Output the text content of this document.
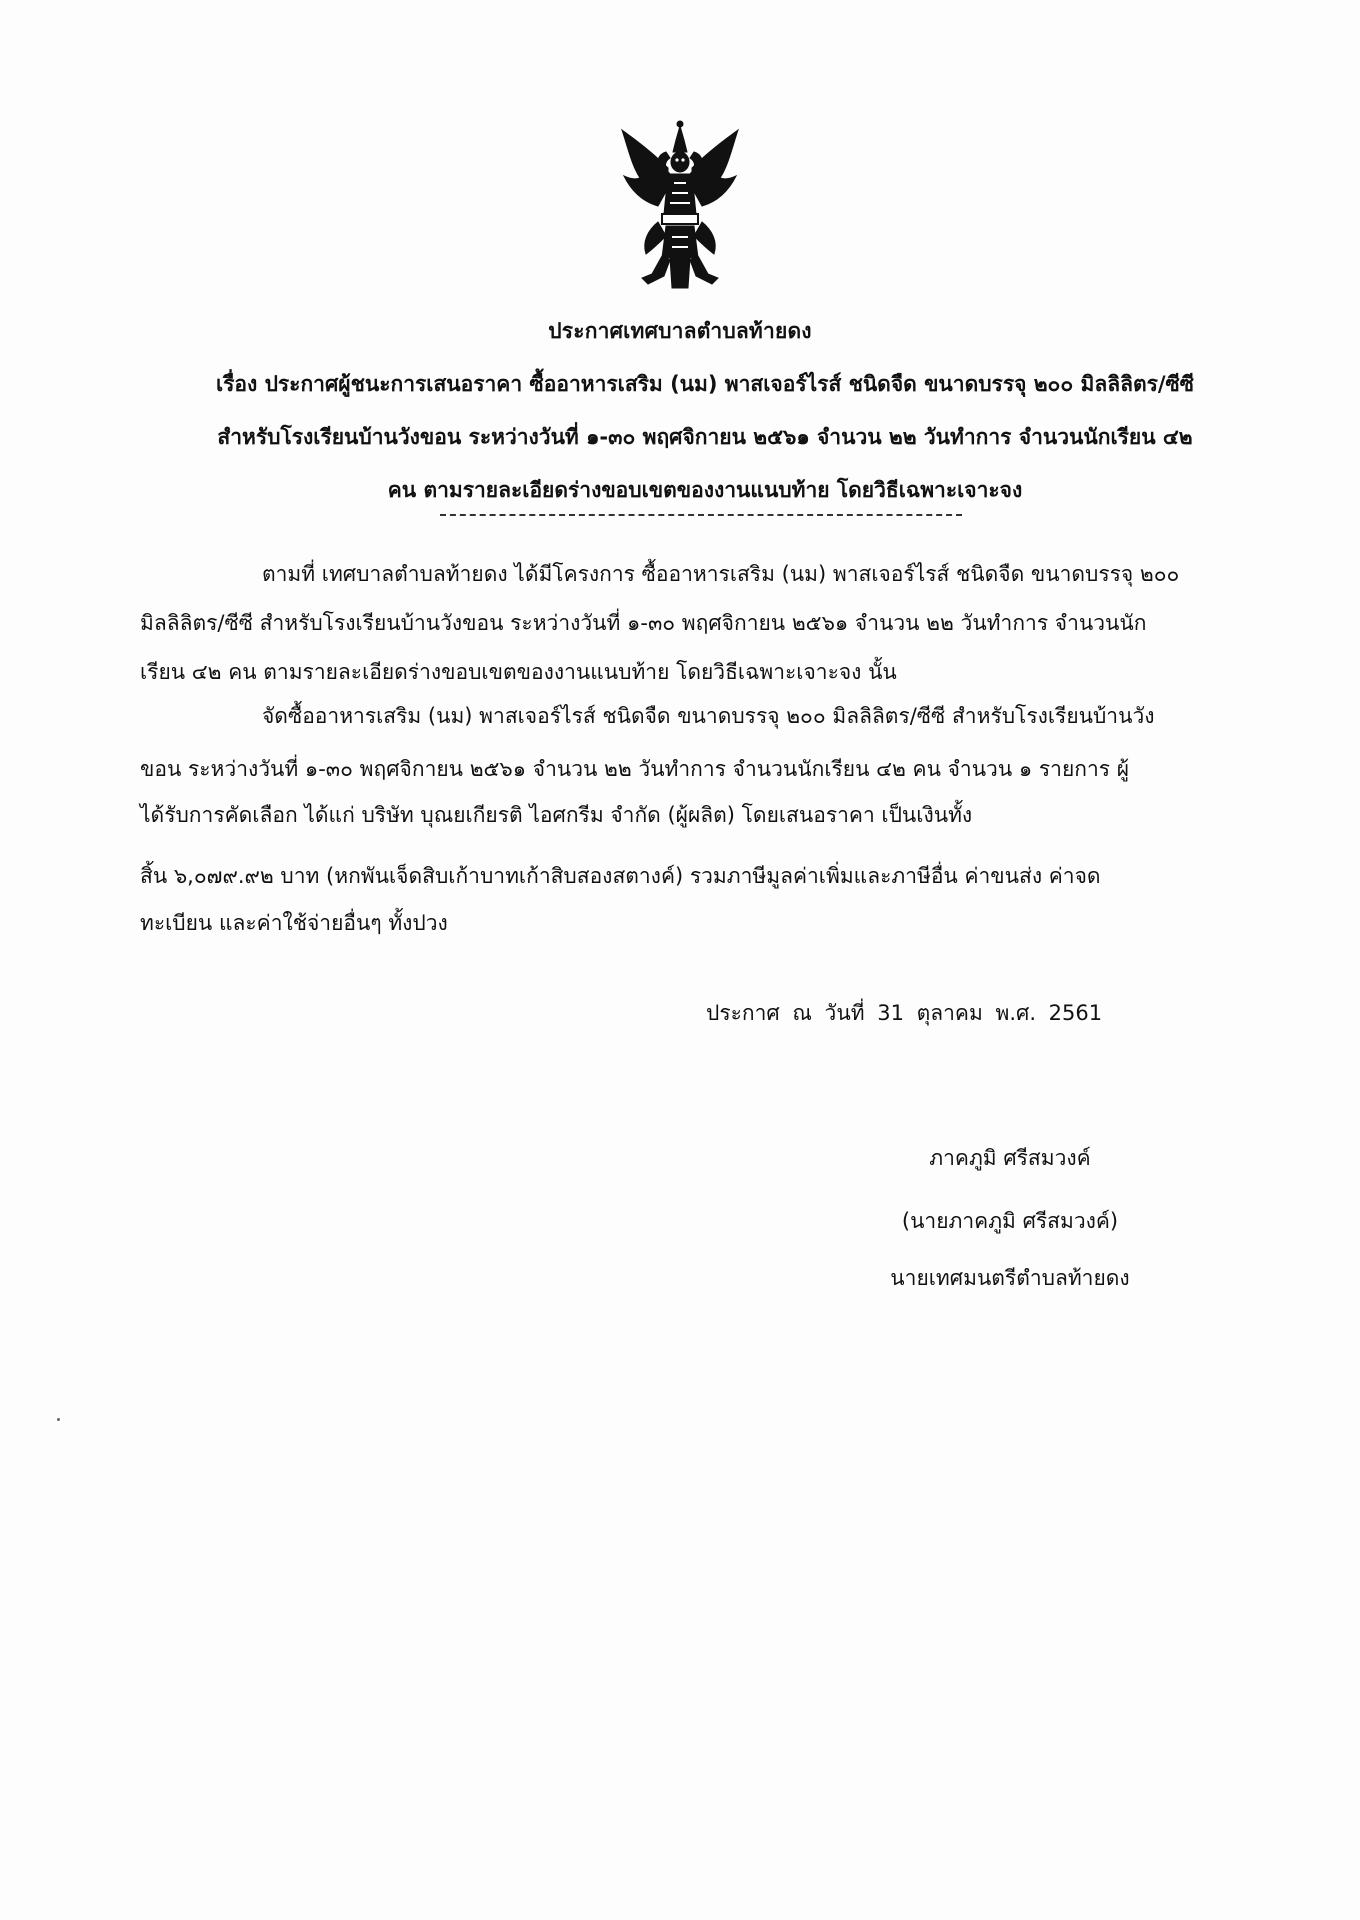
ประกาศเทศบาลตำบลท้ายดง
เรื่อง ประกาศผู้ชนะการเสนอราคา ซื้ออาหารเสริม (นม) พาสเจอร์ไรส์ ชนิดจืด ขนาดบรรจุ ๒๐๐ มิลลิลิตร/ซีซี
สำหรับโรงเรียนบ้านวังขอน ระหว่างวันที่ ๑-๓๐ พฤศจิกายน ๒๕๖๑ จำนวน ๒๒ วันทำการ จำนวนนักเรียน ๔๒
คน ตามรายละเอียดร่างขอบเขตของงานแนบท้าย โดยวิธีเฉพาะเจาะจง
ตามที่ เทศบาลตำบลท้ายดง ได้มีโครงการ ซื้ออาหารเสริม (นม) พาสเจอร์ไรส์ ชนิดจืด ขนาดบรรจุ ๒๐๐
มิลลิลิตร/ซีซี สำหรับโรงเรียนบ้านวังขอน ระหว่างวันที่ ๑-๓๐ พฤศจิกายน ๒๕๖๑ จำนวน ๒๒ วันทำการ จำนวนนัก
เรียน ๔๒ คน ตามรายละเอียดร่างขอบเขตของงานแนบท้าย โดยวิธีเฉพาะเจาะจง นั้น
จัดซื้ออาหารเสริม (นม) พาสเจอร์ไรส์ ชนิดจืด ขนาดบรรจุ ๒๐๐ มิลลิลิตร/ซีซี สำหรับโรงเรียนบ้านวัง
ขอน ระหว่างวันที่ ๑-๓๐ พฤศจิกายน ๒๕๖๑ จำนวน ๒๒ วันทำการ จำนวนนักเรียน ๔๒ คน จำนวน ๑ รายการ ผู้
ได้รับการคัดเลือก ได้แก่ บริษัท บุณยเกียรติ ไอศกรีม จำกัด (ผู้ผลิต) โดยเสนอราคา เป็นเงินทั้ง
สิ้น ๖,๐๗๙.๙๒ บาท (หกพันเจ็ดสิบเก้าบาทเก้าสิบสองสตางค์) รวมภาษีมูลค่าเพิ่มและภาษีอื่น ค่าขนส่ง ค่าจด
ทะเบียน และค่าใช้จ่ายอื่นๆ ทั้งปวง
ประกาศ ณ วันที่ 31 ตุลาคม พ.ศ. 2561
ภาคภูมิ ศรีสมวงค์
(นายภาคภูมิ ศรีสมวงค์)
นายเทศมนตรีตำบลท้ายดง
